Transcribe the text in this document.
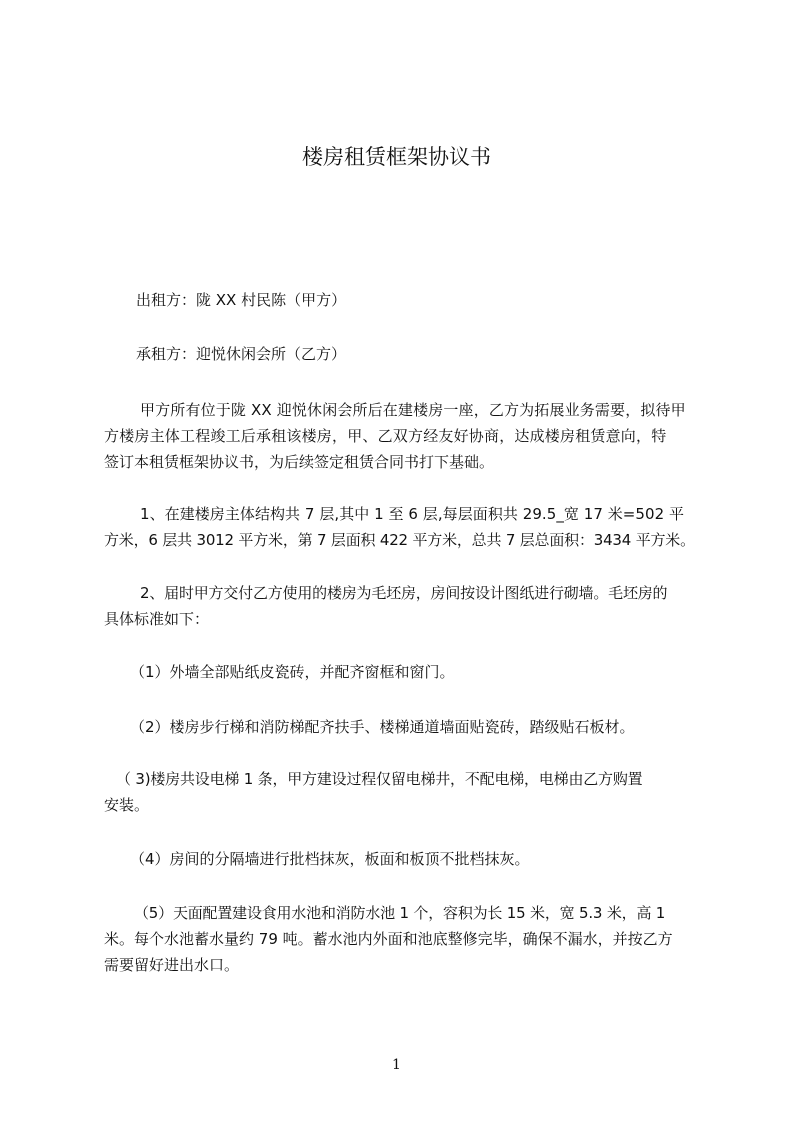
楼房租赁框架协议书
出租方：陇 XX 村民陈（甲方）
承租方：迎悦休闲会所（乙方）
甲方所有位于陇 XX 迎悦休闲会所后在建楼房一座，乙方为拓展业务需要，拟待甲
方楼房主体工程竣工后承租该楼房，甲、乙双方经友好协商，达成楼房租赁意向，特
签订本租赁框架协议书，为后续签定租赁合同书打下基础。
1、在建楼房主体结构共 7 层,其中 1 至 6 层,每层面积共 29.5_宽 17 米=502 平
方米，6 层共 3012 平方米，第 7 层面积 422 平方米，总共 7 层总面积：3434 平方米。
2、届时甲方交付乙方使用的楼房为毛坯房，房间按设计图纸进行砌墙。毛坯房的
具体标准如下：
（1）外墙全部贴纸皮瓷砖，并配齐窗框和窗门。
（2）楼房步行梯和消防梯配齐扶手、楼梯通道墙面贴瓷砖，踏级贴石板材。
（ 3)楼房共设电梯 1 条，甲方建设过程仅留电梯井，不配电梯，电梯由乙方购置
安装。
（4）房间的分隔墙进行批档抹灰，板面和板顶不批档抹灰。
（5）天面配置建设食用水池和消防水池 1 个，容积为长 15 米，宽 5.3 米，高 1
米。每个水池蓄水量约 79 吨。蓄水池内外面和池底整修完毕，确保不漏水，并按乙方
需要留好进出水口。
1
